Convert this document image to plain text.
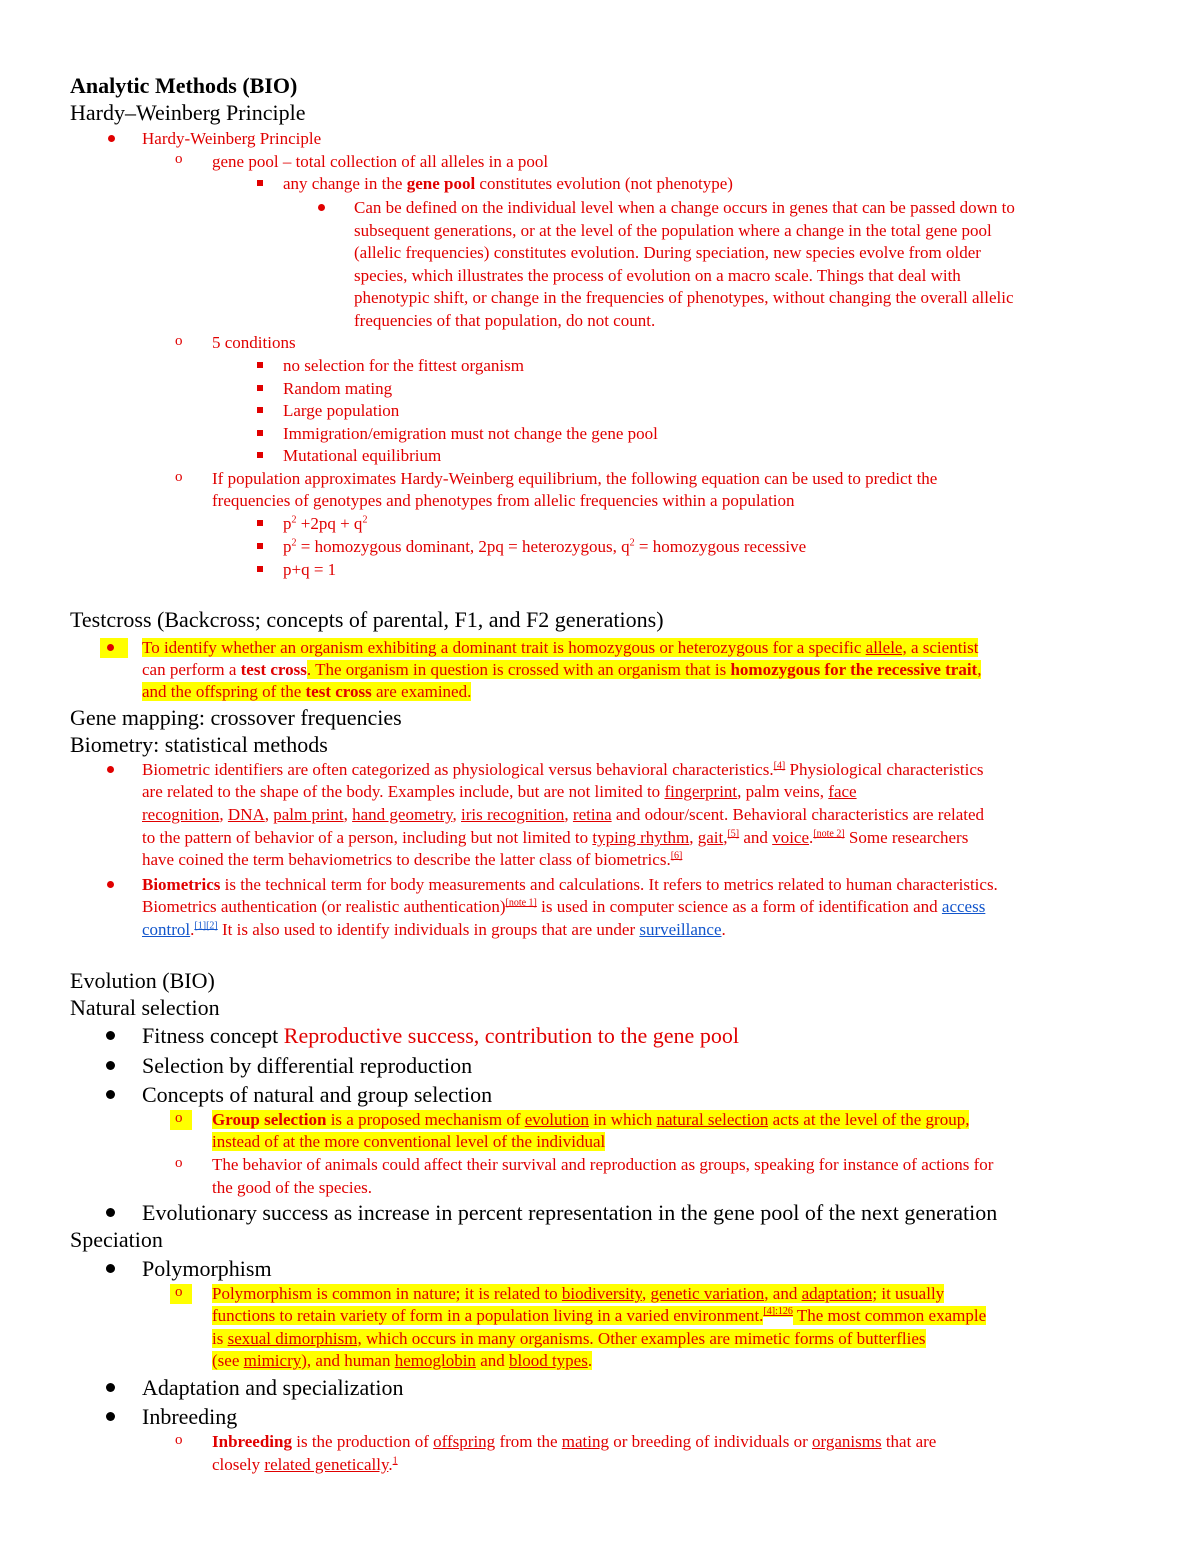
Analytic Methods (BIO)
Hardy–Weinberg Principle
Hardy-Weinberg Principle
o gene pool – total collection of all alleles in a pool
any change in the gene pool constitutes evolution (not phenotype)
Can be defined on the individual level when a change occurs in genes that can be passed down to
subsequent generations, or at the level of the population where a change in the total gene pool
(allelic frequencies) constitutes evolution. During speciation, new species evolve from older
species, which illustrates the process of evolution on a macro scale. Things that deal with
phenotypic shift, or change in the frequencies of phenotypes, without changing the overall allelic
frequencies of that population, do not count.
o 5 conditions
no selection for the fittest organism
Random mating
Large population
Immigration/emigration must not change the gene pool
Mutational equilibrium
o If population approximates Hardy-Weinberg equilibrium, the following equation can be used to predict the
frequencies of genotypes and phenotypes from allelic frequencies within a population
$p^2 +2pq + q^2$
$p^2$ = homozygous dominant, 2pq = heterozygous, $q^2$ = homozygous recessive
p+q = 1
Testcross (Backcross; concepts of parental, F1, and F2 generations)
To identify whether an organism exhibiting a dominant trait is homozygous or heterozygous for a specific allele, a scientist
can perform a test cross. The organism in question is crossed with an organism that is homozygous for the recessive trait,
and the offspring of the test cross are examined.
Gene mapping: crossover frequencies
Biometry: statistical methods
Biometric identifiers are often categorized as physiological versus behavioral characteristics.[4] Physiological characteristics
are related to the shape of the body. Examples include, but are not limited to fingerprint, palm veins, face
recognition, DNA, palm print, hand geometry, iris recognition, retina and odour/scent. Behavioral characteristics are related
to the pattern of behavior of a person, including but not limited to typing rhythm, gait,[5] and voice.[note 2] Some researchers
have coined the term behaviometrics to describe the latter class of biometrics.[6]
Biometrics is the technical term for body measurements and calculations. It refers to metrics related to human characteristics.
Biometrics authentication (or realistic authentication)[note 1] is used in computer science as a form of identification and access
control.[1][2] It is also used to identify individuals in groups that are under surveillance.
Evolution (BIO)
Natural selection
Fitness concept Reproductive success, contribution to the gene pool
Selection by differential reproduction
Concepts of natural and group selection
o Group selection is a proposed mechanism of evolution in which natural selection acts at the level of the group,
instead of at the more conventional level of the individual
o The behavior of animals could affect their survival and reproduction as groups, speaking for instance of actions for
the good of the species.
Evolutionary success as increase in percent representation in the gene pool of the next generation
Speciation
Polymorphism
o Polymorphism is common in nature; it is related to biodiversity, genetic variation, and adaptation; it usually
functions to retain variety of form in a population living in a varied environment.$^{[4]:126}$ The most common example
is sexual dimorphism, which occurs in many organisms. Other examples are mimetic forms of butterflies
(see mimicry), and human hemoglobin and blood types.
Adaptation and specialization
Inbreeding
o Inbreeding is the production of offspring from the mating or breeding of individuals or organisms that are
closely related genetically.$^1$
